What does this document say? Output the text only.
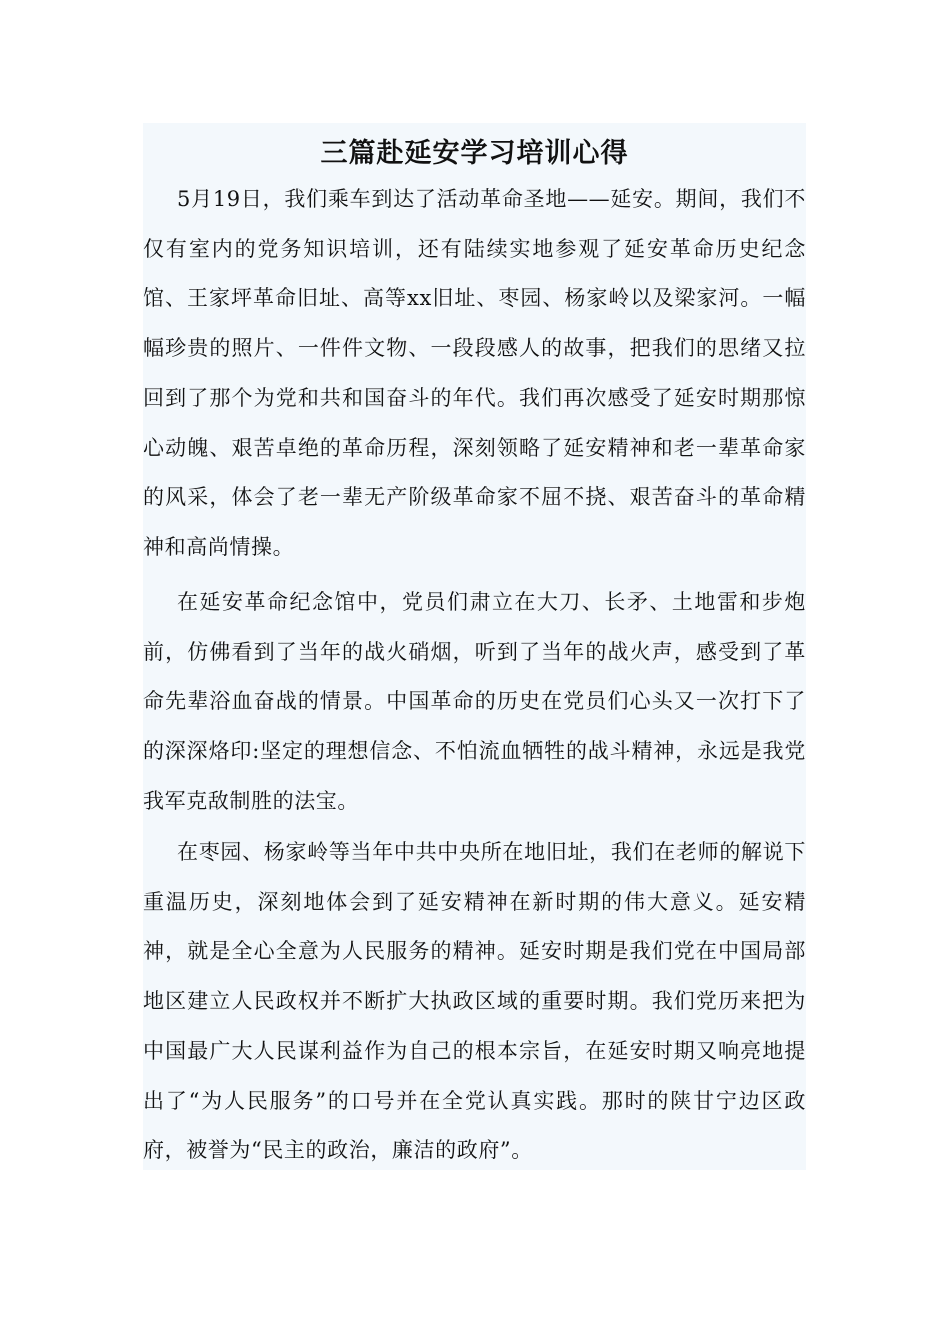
三篇赴延安学习培训心得

5月19日，我们乘车到达了活动革命圣地——延安。期间，我们不仅有室内的党务知识培训，还有陆续实地参观了延安革命历史纪念馆、王家坪革命旧址、高等xx旧址、枣园、杨家岭以及梁家河。一幅幅珍贵的照片、一件件文物、一段段感人的故事，把我们的思绪又拉回到了那个为党和共和国奋斗的年代。我们再次感受了延安时期那惊心动魄、艰苦卓绝的革命历程，深刻领略了延安精神和老一辈革命家的风采，体会了老一辈无产阶级革命家不屈不挠、艰苦奋斗的革命精神和高尚情操。

在延安革命纪念馆中，党员们肃立在大刀、长矛、土地雷和步炮前，仿佛看到了当年的战火硝烟，听到了当年的战火声，感受到了革命先辈浴血奋战的情景。中国革命的历史在党员们心头又一次打下了的深深烙印:坚定的理想信念、不怕流血牺牲的战斗精神，永远是我党我军克敌制胜的法宝。

在枣园、杨家岭等当年中共中央所在地旧址，我们在老师的解说下重温历史，深刻地体会到了延安精神在新时期的伟大意义。延安精神，就是全心全意为人民服务的精神。延安时期是我们党在中国局部地区建立人民政权并不断扩大执政区域的重要时期。我们党历来把为中国最广大人民谋利益作为自己的根本宗旨，在延安时期又响亮地提出了“为人民服务”的口号并在全党认真实践。那时的陕甘宁边区政府，被誉为“民主的政治，廉洁的政府”。
